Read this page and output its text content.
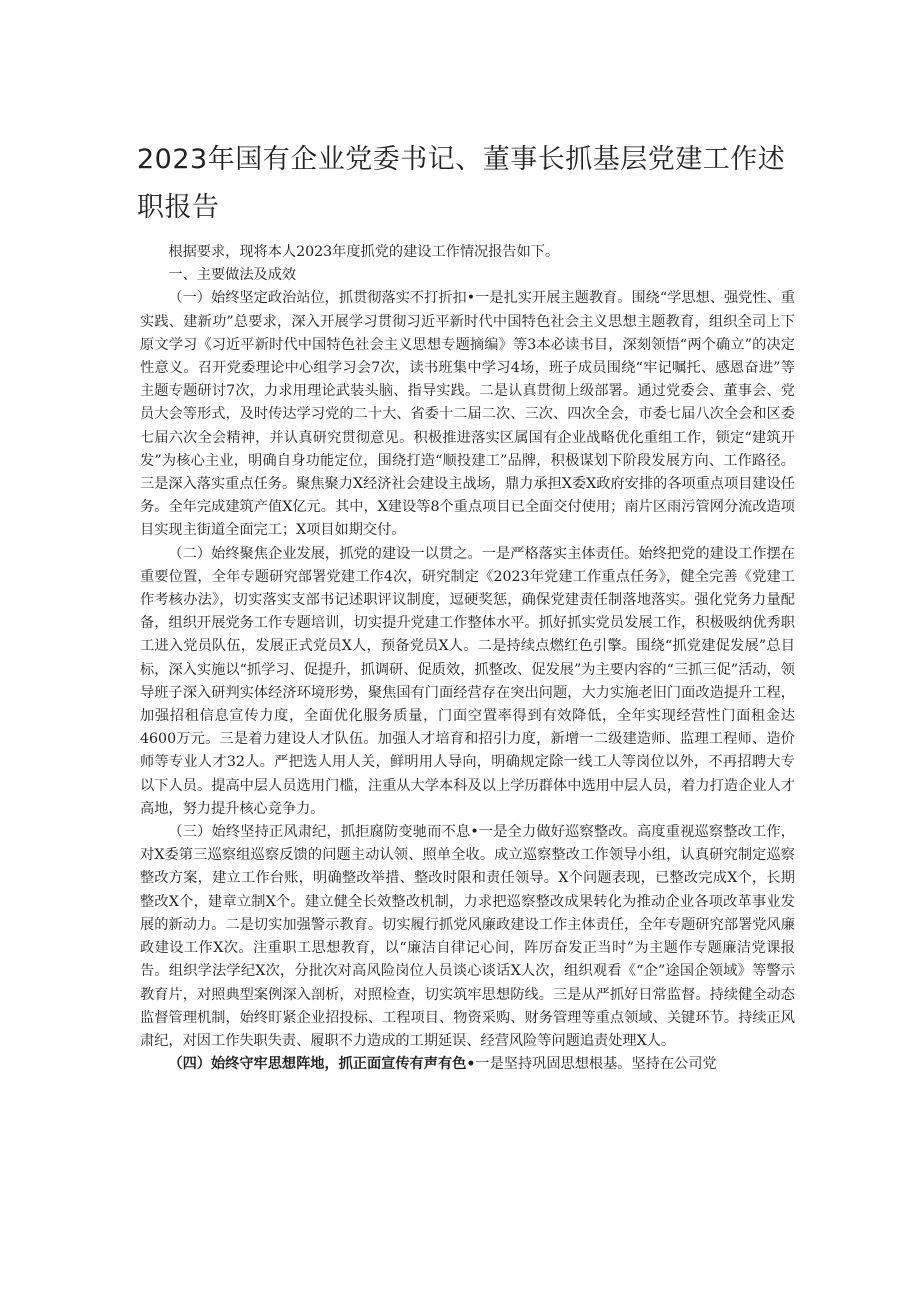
2023年国有企业党委书记、董事长抓基层党建工作述职报告

根据要求，现将本人2023年度抓党的建设工作情况报告如下。

一、主要做法及成效

（一）始终坚定政治站位，抓贯彻落实不打折扣•一是扎实开展主题教育。围绕“学思想、强党性、重实践、建新功”总要求，深入开展学习贯彻习近平新时代中国特色社会主义思想主题教育，组织全司上下原文学习《习近平新时代中国特色社会主义思想专题摘编》等3本必读书目，深刻领悟“两个确立”的决定性意义。召开党委理论中心组学习会7次，读书班集中学习4场，班子成员围绕“牢记嘱托、感恩奋进”等主题专题研讨7次，力求用理论武装头脑、指导实践。二是认真贯彻上级部署。通过党委会、董事会、党员大会等形式，及时传达学习党的二十大、省委十二届二次、三次、四次全会，市委七届八次全会和区委七届六次全会精神，并认真研究贯彻意见。积极推进落实区属国有企业战略优化重组工作，锁定“建筑开发”为核心主业，明确自身功能定位，围绕打造“顺投建工”品牌，积极谋划下阶段发展方向、工作路径。三是深入落实重点任务。聚焦聚力X经济社会建设主战场，鼎力承担X委X政府安排的各项重点项目建设任务。全年完成建筑产值X亿元。其中，X建设等8个重点项目已全面交付使用；南片区雨污管网分流改造项目实现主街道全面完工；X项目如期交付。

（二）始终聚焦企业发展，抓党的建设一以贯之。一是严格落实主体责任。始终把党的建设工作摆在重要位置，全年专题研究部署党建工作4次，研究制定《2023年党建工作重点任务》，健全完善《党建工作考核办法》，切实落实支部书记述职评议制度，逗硬奖惩，确保党建责任制落地落实。强化党务力量配备，组织开展党务工作专题培训，切实提升党建工作整体水平。抓好抓实党员发展工作，积极吸纳优秀职工进入党员队伍，发展正式党员X人，预备党员X人。二是持续点燃红色引擎。围绕“抓党建促发展”总目标，深入实施以“抓学习、促提升，抓调研、促质效，抓整改、促发展”为主要内容的“三抓三促”活动，领导班子深入研判实体经济环境形势，聚焦国有门面经营存在突出问题，大力实施老旧门面改造提升工程，加强招租信息宣传力度，全面优化服务质量，门面空置率得到有效降低，全年实现经营性门面租金达4600万元。三是着力建设人才队伍。加强人才培育和招引力度，新增一二级建造师、监理工程师、造价师等专业人才32人。严把选人用人关，鲜明用人导向，明确规定除一线工人等岗位以外，不再招聘大专以下人员。提高中层人员选用门槛，注重从大学本科及以上学历群体中选用中层人员，着力打造企业人才高地，努力提升核心竞争力。

（三）始终坚持正风肃纪，抓拒腐防变驰而不息•一是全力做好巡察整改。高度重视巡察整改工作，对X委第三巡察组巡察反馈的问题主动认领、照单全收。成立巡察整改工作领导小组，认真研究制定巡察整改方案，建立工作台账，明确整改举措、整改时限和责任领导。X个问题表现，已整改完成X个，长期整改X个，建章立制X个。建立健全长效整改机制，力求把巡察整改成果转化为推动企业各项改革事业发展的新动力。二是切实加强警示教育。切实履行抓党风廉政建设工作主体责任，全年专题研究部署党风廉政建设工作X次。注重职工思想教育，以“廉洁自律记心间，阵厉奋发正当时”为主题作专题廉洁党课报告。组织学法学纪X次，分批次对高风险岗位人员谈心谈话X人次，组织观看《“企”途国企领域》等警示教育片，对照典型案例深入剖析，对照检查，切实筑牢思想防线。三是从严抓好日常监督。持续健全动态监督管理机制，始终盯紧企业招投标、工程项目、物资采购、财务管理等重点领域、关键环节。持续正风肃纪，对因工作失职失责、履职不力造成的工期延误、经营风险等问题追责处理X人。

（四）始终守牢思想阵地，抓正面宣传有声有色•一是坚持巩固思想根基。坚持在公司党
